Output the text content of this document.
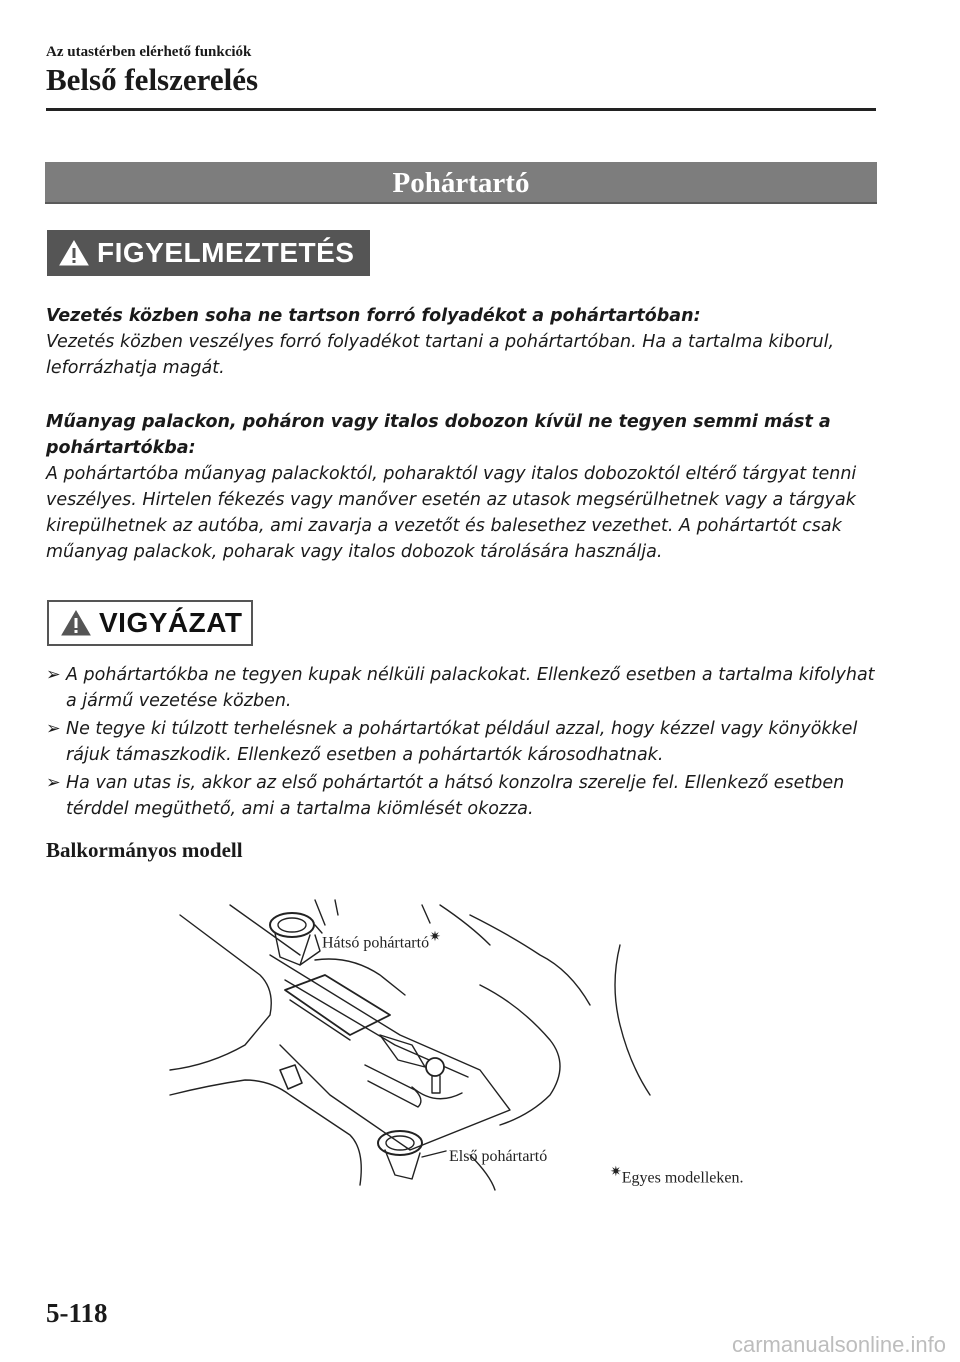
Az utastérben elérhető funkciók
Belső felszerelés
Pohártartó
FIGYELMEZTETÉS
Vezetés közben soha ne tartson forró folyadékot a pohártartóban:
Vezetés közben veszélyes forró folyadékot tartani a pohártartóban. Ha a tartalma kiborul, leforrázhatja magát.
Műanyag palackon, poháron vagy italos dobozon kívül ne tegyen semmi mást a pohártartókba:
A pohártartóba műanyag palackoktól, poharaktól vagy italos dobozoktól eltérő tárgyat tenni veszélyes. Hirtelen fékezés vagy manőver esetén az utasok megsérülhetnek vagy a tárgyak kirepülhetnek az autóba, ami zavarja a vezetőt és balesethez vezethet. A pohártartót csak műanyag palackok, poharak vagy italos dobozok tárolására használja.
VIGYÁZAT
➢ A pohártartókba ne tegyen kupak nélküli palackokat. Ellenkező esetben a tartalma kifolyhat a jármű vezetése közben.
➢ Ne tegye ki túlzott terhelésnek a pohártartókat például azzal, hogy kézzel vagy könyökkel rájuk támaszkodik. Ellenkező esetben a pohártartók károsodhatnak.
➢ Ha van utas is, akkor az első pohártartót a hátsó konzolra szerelje fel. Ellenkező esetben térddel megüthető, ami a tartalma kiömlését okozza.
Balkormányos modell
Hátsó pohártartó✷
Első pohártartó
✷Egyes modelleken.
5-118
carmanualsonline.info
